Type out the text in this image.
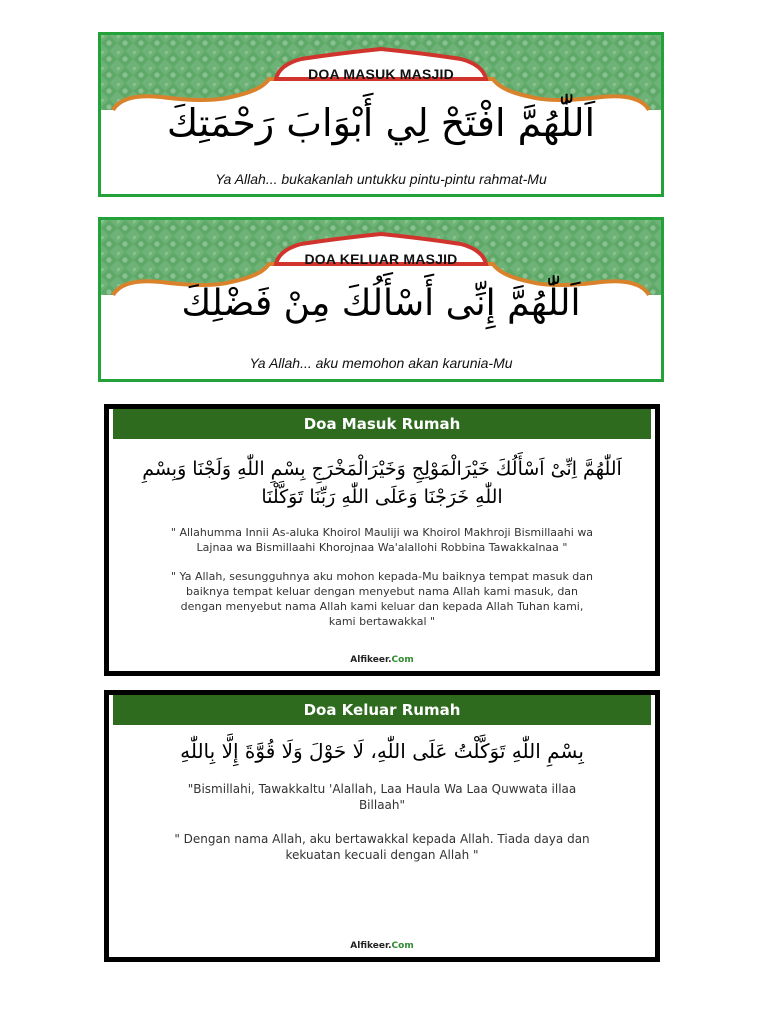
DOA MASUK MASJID
اَللّٰهُمَّ افْتَحْ لِي أَبْوَابَ رَحْمَتِكَ
Ya Allah... bukakanlah untukku pintu-pintu rahmat-Mu
DOA KELUAR MASJID
اَللّٰهُمَّ إِنِّى أَسْأَلُكَ مِنْ فَضْلِكَ
Ya Allah... aku memohon akan karunia-Mu
Doa Masuk Rumah
اَللّٰهُمَّ اِنِّىْ اَسْأَلُكَ خَيْرَالْمَوْلِجِ وَخَيْرَالْمَخْرَجِ بِسْمِ اللّٰهِ وَلَجْنَا وَبِسْمِ اللّٰهِ خَرَجْنَا وَعَلَى اللّٰهِ رَبِّنَا تَوَكَّلْنَا
" Allahumma Innii As-aluka Khoirol Mauliji wa Khoirol Makhroji Bismillaahi wa Lajnaa wa Bismillaahi Khorojnaa Wa'alallohi Robbina Tawakkalnaa "
" Ya Allah, sesungguhnya aku mohon kepada-Mu baiknya tempat masuk dan baiknya tempat keluar dengan menyebut nama Allah kami masuk, dan dengan menyebut nama Allah kami keluar dan kepada Allah Tuhan kami, kami bertawakkal "
Alfikeer.Com
Doa Keluar Rumah
بِسْمِ اللّٰهِ تَوَكَّلْتُ عَلَى اللّٰهِ، لَا حَوْلَ وَلَا قُوَّةَ إِلَّا بِاللّٰهِ
"Bismillahi, Tawakkaltu 'Alallah, Laa Haula Wa Laa Quwwata illaa Billaah"
" Dengan nama Allah, aku bertawakkal kepada Allah. Tiada daya dan kekuatan kecuali dengan Allah "
Alfikeer.Com
